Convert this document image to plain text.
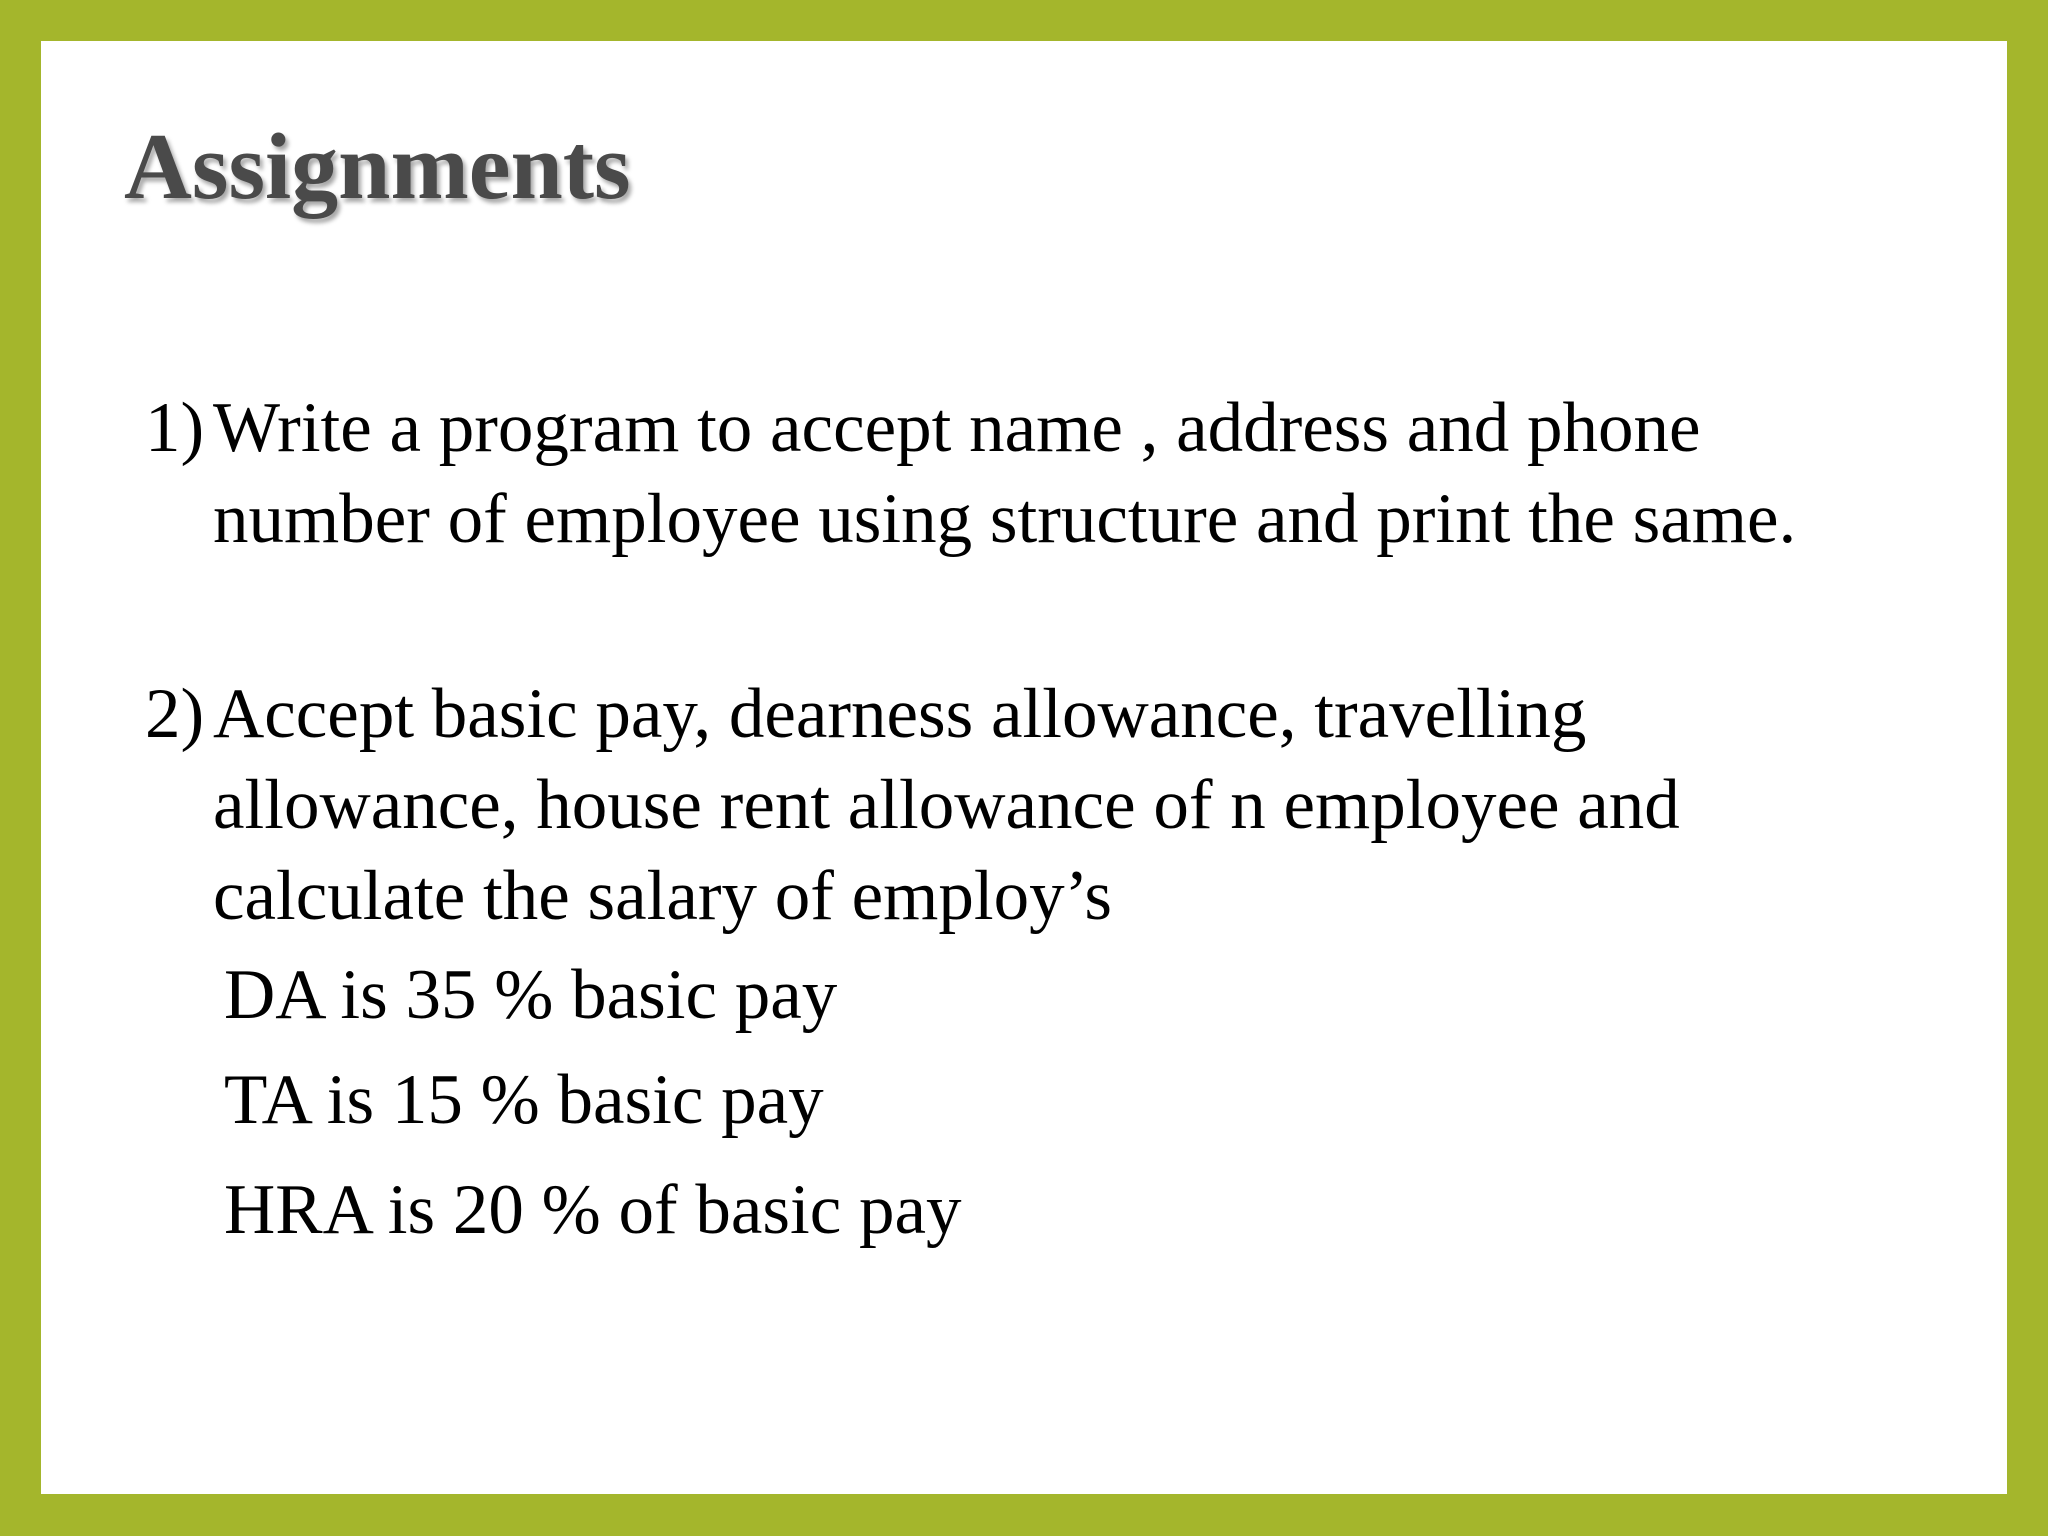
Assignments
1) Write a program to accept name , address and phone number of employee using structure and print the same.
2) Accept basic pay, dearness allowance, travelling allowance, house rent allowance of n employee and calculate the salary of employ’s
DA is 35 % basic pay
TA is 15 % basic pay
HRA is 20 % of basic pay
